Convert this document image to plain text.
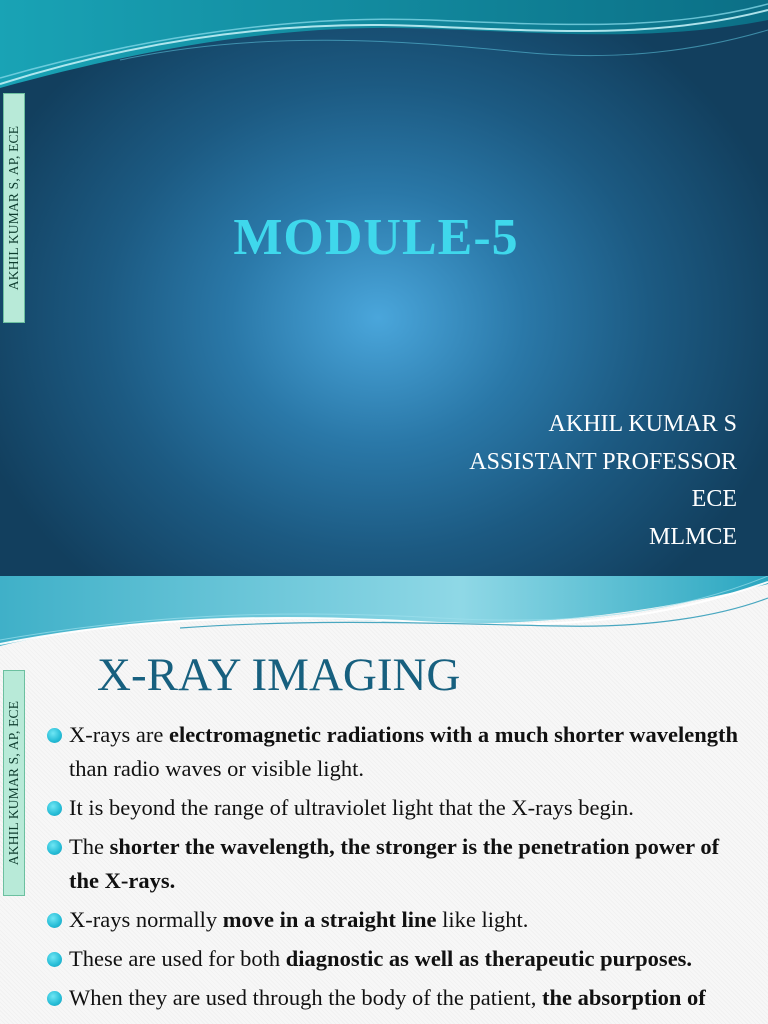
AKHIL KUMAR S, AP, ECE	MODULE-5
AKHIL KUMAR S
ASSISTANT PROFESSOR
ECE
MLMCE
AKHIL KUMAR S, AP, ECE
X-RAY IMAGING
X-rays are electromagnetic radiations with a much shorter wavelength than radio waves or visible light.
It is beyond the range of ultraviolet light that the X-rays begin.
The shorter the wavelength, the stronger is the penetration power of the X-rays.
X-rays normally move in a straight line like light.
These are used for both diagnostic as well as therapeutic purposes.
When they are used through the body of the patient, the absorption of
